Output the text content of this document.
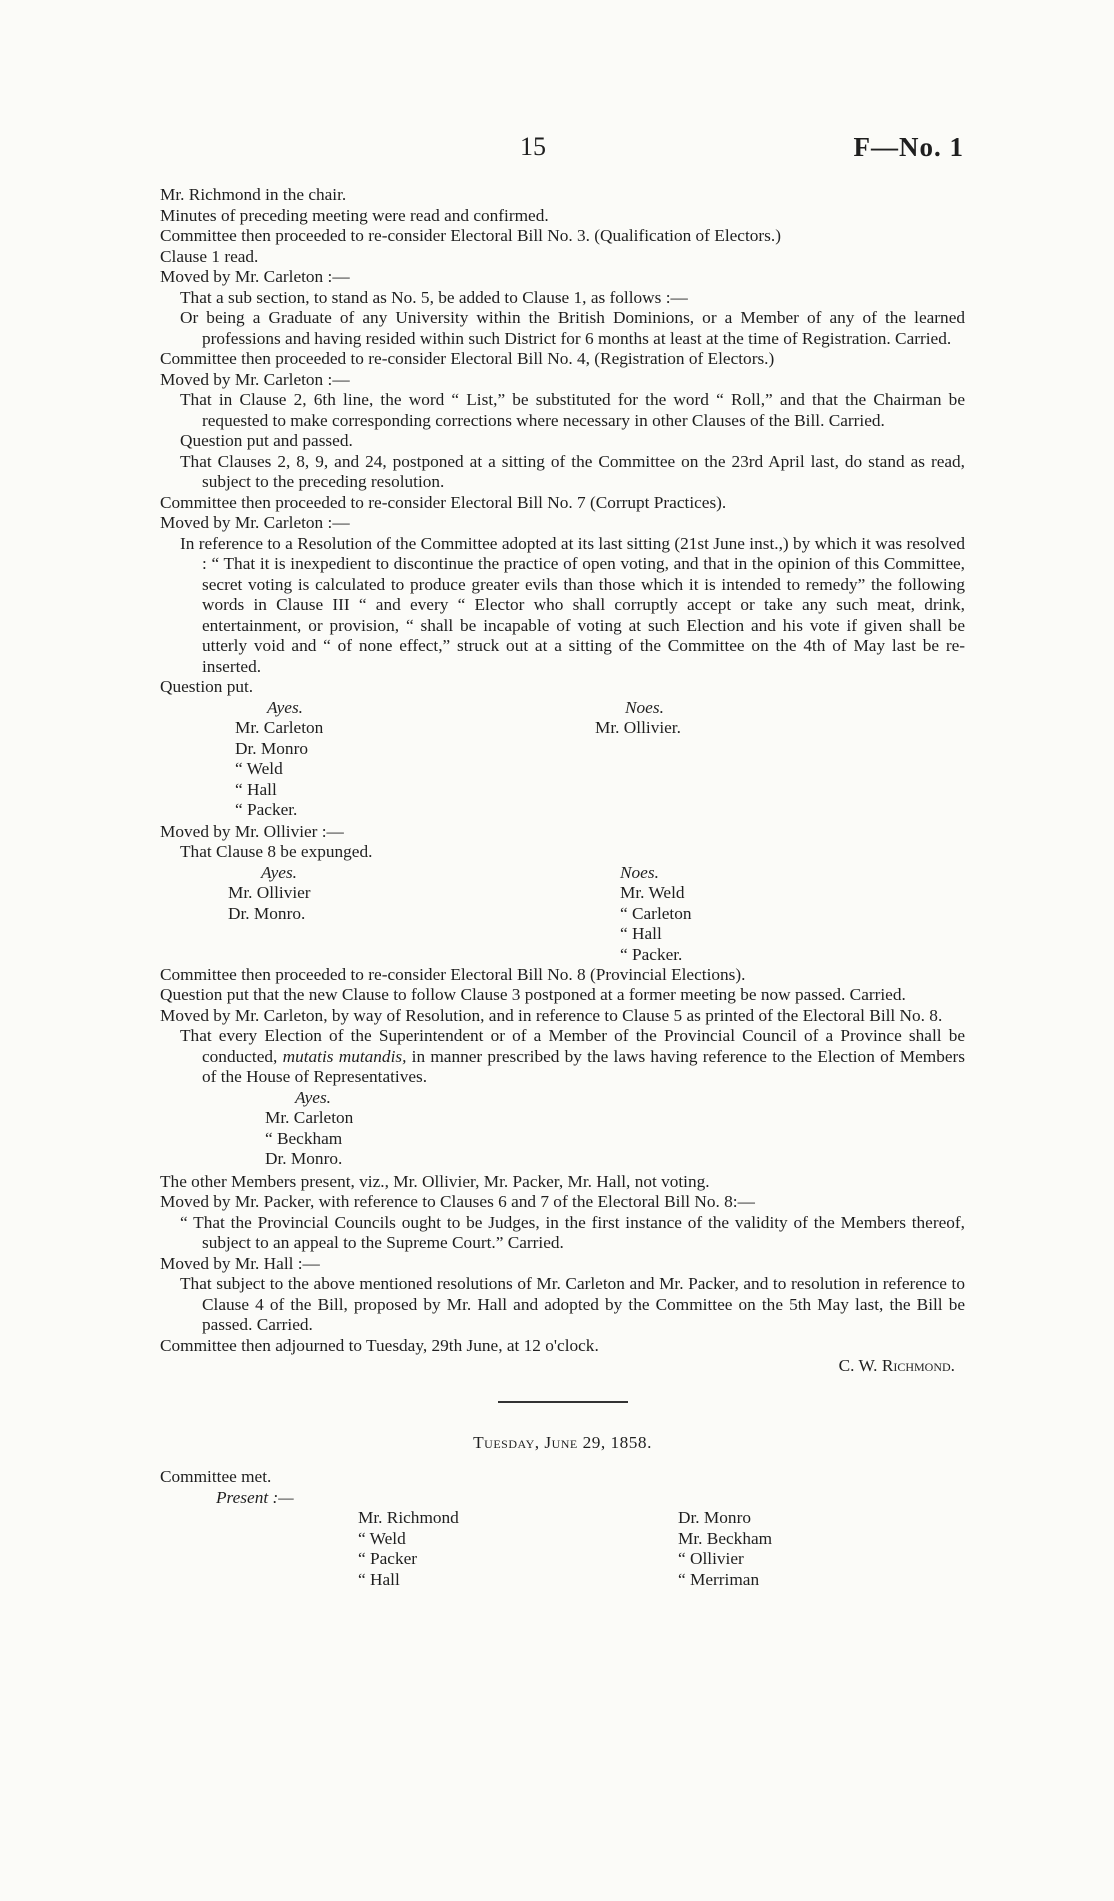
15	F—No. 1
Mr. Richmond in the chair.
Minutes of preceding meeting were read and confirmed.
Committee then proceeded to re-consider Electoral Bill No. 3. (Qualification of Electors.)
Clause 1 read.
Moved by Mr. Carleton :—
That a sub section, to stand as No. 5, be added to Clause 1, as follows :—
Or being a Graduate of any University within the British Dominions, or a Member of any of the learned professions and having resided within such District for 6 months at least at the time of Registration. Carried.
Committee then proceeded to re-consider Electoral Bill No. 4, (Registration of Electors.)
Moved by Mr. Carleton :—
That in Clause 2, 6th line, the word “ List,” be substituted for the word “ Roll,” and that the Chairman be requested to make corresponding corrections where necessary in other Clauses of the Bill. Carried.
Question put and passed.
That Clauses 2, 8, 9, and 24, postponed at a sitting of the Committee on the 23rd April last, do stand as read, subject to the preceding resolution.
Committee then proceeded to re-consider Electoral Bill No. 7 (Corrupt Practices).
Moved by Mr. Carleton :—
In reference to a Resolution of the Committee adopted at its last sitting (21st June inst.,) by which it was resolved : “ That it is inexpedient to discontinue the practice of open voting, and that in the opinion of this Committee, secret voting is calculated to produce greater evils than those which it is intended to remedy” the following words in Clause III “ and every “ Elector who shall corruptly accept or take any such meat, drink, entertainment, or provision, “ shall be incapable of voting at such Election and his vote if given shall be utterly void and “ of none effect,” struck out at a sitting of the Committee on the 4th of May last be re-inserted.
Question put.
Ayes.
Mr. Carleton
Dr. Monro
“ Weld
“ Hall
“ Packer.
Noes.
Mr. Ollivier.
Moved by Mr. Ollivier :—
That Clause 8 be expunged.
Ayes.
Mr. Ollivier
Dr. Monro.
Noes.
Mr. Weld
“ Carleton
“ Hall
“ Packer.
Committee then proceeded to re-consider Electoral Bill No. 8 (Provincial Elections).
Question put that the new Clause to follow Clause 3 postponed at a former meeting be now passed. Carried.
Moved by Mr. Carleton, by way of Resolution, and in reference to Clause 5 as printed of the Electoral Bill No. 8.
That every Election of the Superintendent or of a Member of the Provincial Council of a Province shall be conducted, mutatis mutandis, in manner prescribed by the laws having reference to the Election of Members of the House of Representatives.
Ayes.
Mr. Carleton
“ Beckham
Dr. Monro.
The other Members present, viz., Mr. Ollivier, Mr. Packer, Mr. Hall, not voting.
Moved by Mr. Packer, with reference to Clauses 6 and 7 of the Electoral Bill No. 8:—
“ That the Provincial Councils ought to be Judges, in the first instance of the validity of the Members thereof, subject to an appeal to the Supreme Court.” Carried.
Moved by Mr. Hall :—
That subject to the above mentioned resolutions of Mr. Carleton and Mr. Packer, and to resolution in reference to Clause 4 of the Bill, proposed by Mr. Hall and adopted by the Committee on the 5th May last, the Bill be passed. Carried.
Committee then adjourned to Tuesday, 29th June, at 12 o'clock.
C. W. Richmond.
Tuesday, June 29, 1858.
Committee met.
Present :—
Mr. Richmond
“ Weld
“ Packer
“ Hall
Dr. Monro
Mr. Beckham
“ Ollivier
“ Merriman
